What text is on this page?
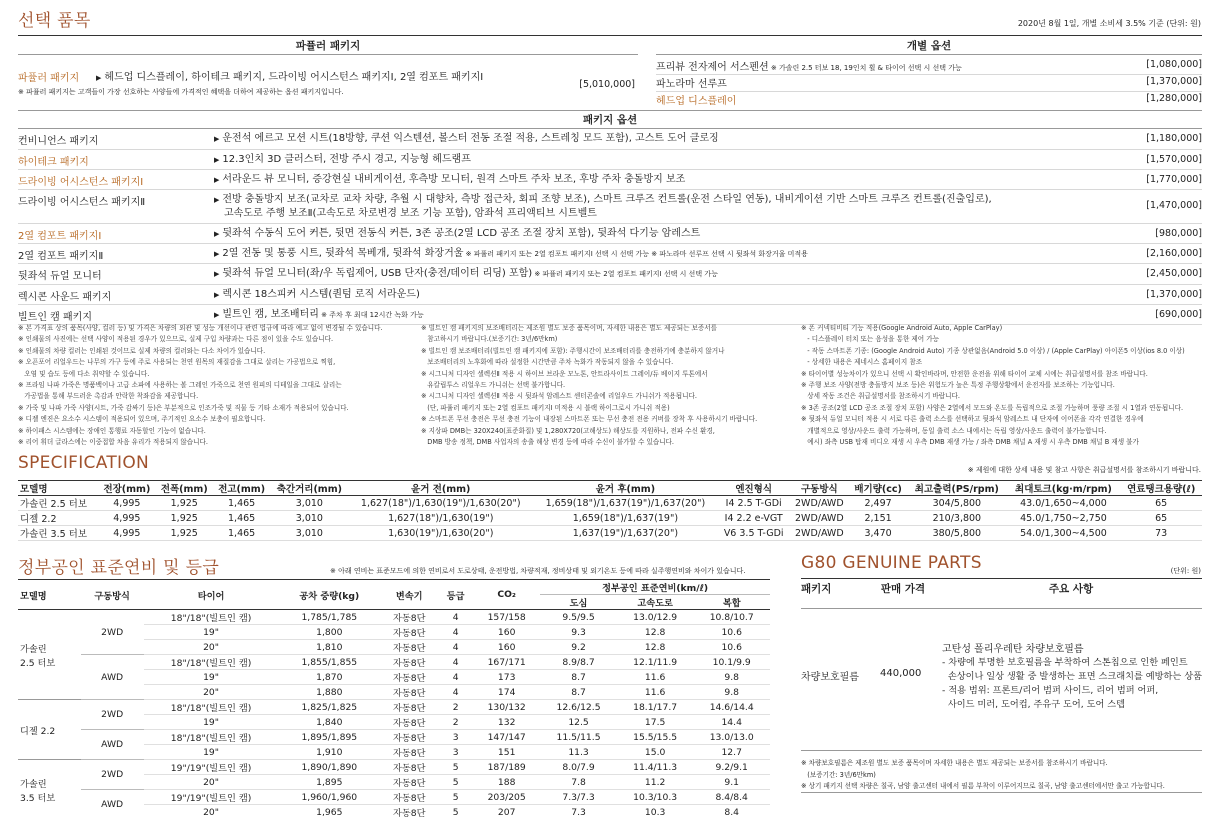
선택 품목	2020년 8월 1일, 개별 소비세 3.5% 기준 (단위: 원)
파퓰러 패키지	개별 옵션
파퓰러 패키지 ▶ 헤드업 디스플레이, 하이테크 패키지, 드라이빙 어시스턴스 패키지Ⅰ, 2열 컴포트 패키지Ⅰ
※ 파퓰러 패키지는 고객들이 가장 선호하는 사양들에 가격적인 혜택을 더하여 제공하는 옵션 패키지입니다.
[5,010,000]
프리뷰 전자제어 서스펜션 ※ 가솔린 2.5 터보 18, 19인치 휠 & 타이어 선택 시 선택 가능	[1,080,000]
파노라마 선루프	[1,370,000]
헤드업 디스플레이	[1,280,000]
패키지 옵션
컨비니언스 패키지	▶ 운전석 에르고 모션 시트(18방향, 쿠션 익스텐션, 볼스터 전동 조절 적용, 스트레칭 모드 포함), 고스트 도어 클로징	[1,180,000]
하이테크 패키지	▶ 12.3인치 3D 클러스터, 전방 주시 경고, 지능형 헤드램프	[1,570,000]
드라이빙 어시스턴스 패키지Ⅰ	▶ 서라운드 뷰 모니터, 증강현실 내비게이션, 후측방 모니터, 원격 스마트 주차 보조, 후방 주차 충돌방지 보조	[1,770,000]
드라이빙 어시스턴스 패키지Ⅱ	▶ 전방 충돌방지 보조(교차로 교차 차량, 추월 시 대향차, 측방 접근차, 회피 조향 보조), 스마트 크루즈 컨트롤(운전 스타일 연동), 내비게이션 기반 스마트 크루즈 컨트롤(진출입로),
고속도로 주행 보조Ⅱ(고속도로 차로변경 보조 기능 포함), 암좌석 프리액티브 시트벨트
[1,470,000]
2열 컴포트 패키지Ⅰ	▶ 뒷좌석 수동식 도어 커튼, 뒷면 전동식 커튼, 3존 공조(2열 LCD 공조 조절 장치 포함), 뒷좌석 다기능 암레스트	[980,000]
2열 컴포트 패키지Ⅱ	▶ 2열 전동 및 통풍 시트, 뒷좌석 목베개, 뒷좌석 화장거울 ※ 파퓰러 패키지 또는 2열 컴포트 패키지Ⅰ 선택 시 선택 가능 ※ 파노라마 선루프 선택 시 뒷좌석 화장거울 미적용	[2,160,000]
뒷좌석 듀얼 모니터	▶ 뒷좌석 듀얼 모니터(좌/우 독립제어, USB 단자(충전/데이터 리딩) 포함) ※ 파퓰러 패키지 또는 2열 컴포트 패키지Ⅰ 선택 시 선택 가능	[2,450,000]
렉시콘 사운드 패키지	▶ 렉시콘 18스피커 시스템(퀀텀 로직 서라운드)	[1,370,000]
빌트인 캠 패키지	▶ 빌트인 캠, 보조배터리 ※ 주차 후 최대 12시간 녹화 가능	[690,000]
※ 본 가격표 상의 품목(사양, 컬러 등) 및 가격은 차량의 외관 및 성능 개선이나 관련 법규에 따라 예고 없이 변경될 수 있습니다.
※ 인쇄물의 사진에는 선택 사양이 적용된 경우가 있으므로, 실제 구입 차량과는 다른 점이 있을 수도 있습니다.
※ 인쇄물의 차량 컬러는 인쇄된 것이므로 실제 차량의 컬러와는 다소 차이가 있습니다.
※ 오픈포어 리얼우드는 나무의 가구 등에 주로 사용되는 천연 원목의 재질감을 그대로 살리는 가공법으로 찍힘,
오염 및 습도 등에 다소 취약할 수 있습니다.
※ 프라임 나파 가죽은 명품백이나 고급 소파에 사용하는 볼 그레인 가죽으로 천연 원피의 디테일을 그대로 살리는
가공법을 통해 부드러운 촉감과 안락한 착좌감을 제공합니다.
※ 가죽 및 나파 가죽 사양(시트, 가죽 감싸기 등)은 부분적으로 인조가죽 및 직물 등 기타 소재가 적용되어 있습니다.
※ 디젤 엔진은 요소수 시스템이 적용되어 있으며, 주기적인 요소수 보충이 필요합니다.
※ 하이패스 시스템에는 장애인 통행료 자동할인 기능이 없습니다.
※ 리어 휘더 글라스에는 이중접합 차음 유리가 적용되지 않습니다.
※ 빌트인 캠 패키지의 보조배터리는 제조원 별도 보증 품목이며, 자세한 내용은 별도 제공되는 보증서를
참고하시기 바랍니다.(보증기간: 3년/6만km)
※ 빌트인 캠 보조배터리(빌트인 캠 패키지에 포함): 주행시간이 보조배터리를 충전하기에 충분하지 않거나
보조배터리의 노후화에 따라 설정한 시간만큼 주차 녹화가 작동되지 않을 수 있습니다.
※ 시그니처 디자인 셀렉션Ⅱ 적용 시 하이브 브라운 모노톤, 안트라사이트 그레이/듀 베이지 투톤에서
유칼립투스 리얼우드 가니쉬는 선택 불가합니다.
※ 시그니처 디자인 셀렉션Ⅱ 적용 시 뒷좌석 암레스트 센터콘솔에 리얼우드 가니쉬가 적용됩니다.
(단, 파퓰러 패키지 또는 2열 컴포트 패키지Ⅰ 미적용 시 블랙 하이그로시 가니쉬 적용)
※ 스마트폰 무선 충전은 무선 충전 기능이 내장된 스마트폰 또는 무선 충전 전용 커버를 장착 후 사용하시기 바랍니다.
※ 지상파 DMB는 320X240(표준화질) 및 1,280X720(고해상도) 해상도를 지원하나, 전파 수신 환경,
DMB 방송 정책, DMB 사업자의 송출 해상 변경 등에 따라 수신이 불가할 수 있습니다.
※ 폰 커넥티비티 기능 적용(Google Android Auto, Apple CarPlay)
- 디스플레이 터치 또는 음성을 통한 제어 가능
- 작동 스마트폰 기종: (Google Android Auto) 기종 상관없음(Android 5.0 이상) / (Apple CarPlay) 아이폰5 이상(ios 8.0 이상)
- 상세한 내용은 제네시스 홈페이지 참조
※ 타이어별 성능차이가 있으니 선택 시 확인바라며, 안전한 운전을 위해 타이어 교체 시에는 취급설명서를 참조 바랍니다.
※ 주행 보조 사양(전방 충돌방지 보조 등)은 위험도가 높은 특정 주행상황에서 운전자를 보조하는 기능입니다.
상세 작동 조건은 취급설명서를 참조하시기 바랍니다.
※ 3존 공조(2열 LCD 공조 조절 장치 포함) 사양은 2열에서 모드와 온도를 독립적으로 조절 가능하며 풍량 조절 시 1열과 연동됩니다.
※ 뒷좌석 듀얼 모니터 적용 시 서로 다른 출력 소스를 선택하고 뒷좌석 암레스트 내 단자에 이어폰을 각각 연결한 경우에
개별적으로 영상/사운드 출력 가능하며, 동일 출력 소스 내에서는 독립 영상/사운드 출력이 불가능합니다.
예시) 좌측 USB 탑재 비디오 재생 시 우측 DMB 재생 가능 / 좌측 DMB 채널 A 재생 시 우측 DMB 채널 B 재생 불가
SPECIFICATION	※ 제원에 대한 상세 내용 및 참고 사항은 취급설명서를 참조하시기 바랍니다.
모델명	전장(mm)	전폭(mm)	전고(mm)	축간거리(mm)	윤거 전(mm)	윤거 후(mm)	엔진형식	구동방식	배기량(cc)	최고출력(PS/rpm)	최대토크(kg·m/rpm)	연료탱크용량(ℓ)
가솔린 2.5 터보	4,995	1,925	1,465	3,010	1,627(18")/1,630(19")/1,630(20")	1,659(18")/1,637(19")/1,637(20")	I4 2.5 T-GDi	2WD/AWD	2,497	304/5,800	43.0/1,650~4,000	65
디젤 2.2	4,995	1,925	1,465	3,010	1,627(18")/1,630(19")	1,659(18")/1,637(19")	I4 2.2 e-VGT	2WD/AWD	2,151	210/3,800	45.0/1,750~2,750	65
가솔린 3.5 터보	4,995	1,925	1,465	3,010	1,630(19")/1,630(20")	1,637(19")/1,637(20")	V6 3.5 T-GDi	2WD/AWD	3,470	380/5,800	54.0/1,300~4,500	73
정부공인 표준연비 및 등급	※ 아래 연비는 표준모드에 의한 연비로서 도로상태, 운전방법, 차량적재, 정비상태 및 외기온도 등에 따라 실주행연비와 차이가 있습니다.
모델명	구동방식	타이어	공차 중량(kg)	변속기	등급	CO₂	정부공인 표준연비(km/ℓ)		
							도심	고속도로	복합
가솔린
2.5 터보	2WD	18"/18"(빌트인 캠)	1,785/1,785	자동8단	4	157/158	9.5/9.5	13.0/12.9	10.8/10.7
		19"	1,800	자동8단	4	160	9.3	12.8	10.6
		20"	1,810	자동8단	4	160	9.2	12.8	10.6
	AWD	18"/18"(빌트인 캠)	1,855/1,855	자동8단	4	167/171	8.9/8.7	12.1/11.9	10.1/9.9
		19"	1,870	자동8단	4	173	8.7	11.6	9.8
		20"	1,880	자동8단	4	174	8.7	11.6	9.8
디젤 2.2	2WD	18"/18"(빌트인 캠)	1,825/1,825	자동8단	2	130/132	12.6/12.5	18.1/17.7	14.6/14.4
		19"	1,840	자동8단	2	132	12.5	17.5	14.4
	AWD	18"/18"(빌트인 캠)	1,895/1,895	자동8단	3	147/147	11.5/11.5	15.5/15.5	13.0/13.0
		19"	1,910	자동8단	3	151	11.3	15.0	12.7
가솔린
3.5 터보	2WD	19"/19"(빌트인 캠)	1,890/1,890	자동8단	5	187/189	8.0/7.9	11.4/11.3	9.2/9.1
		20"	1,895	자동8단	5	188	7.8	11.2	9.1
	AWD	19"/19"(빌트인 캠)	1,960/1,960	자동8단	5	203/205	7.3/7.3	10.3/10.3	8.4/8.4
		20"	1,965	자동8단	5	207	7.3	10.3	8.4
G80 GENUINE PARTS	(단위: 원)
패키지	판매 가격	주요 사항
차량보호필름 440,000
고탄성 폴리우레탄 차량보호필름
- 차량에 투명한 보호필름을 부착하여 스톤칩으로 인한 페인트
손상이나 일상 생활 중 발생하는 표면 스크래치를 예방하는 상품
- 적용 범위: 프론트/리어 범퍼 사이드, 리어 범퍼 어퍼,
사이드 미러, 도어컵, 주유구 도어, 도어 스텝
※ 차량보호필름은 제조원 별도 보증 품목이며 자세한 내용은 별도 제공되는 보증서를 참조하시기 바랍니다.
(보증기간: 3년/6만km)
※ 상기 패키지 선택 차량은 칠곡, 남양 출고센터 내에서 필름 부착이 이루어지므로 칠곡, 남양 출고센터에서만 출고 가능합니다.
